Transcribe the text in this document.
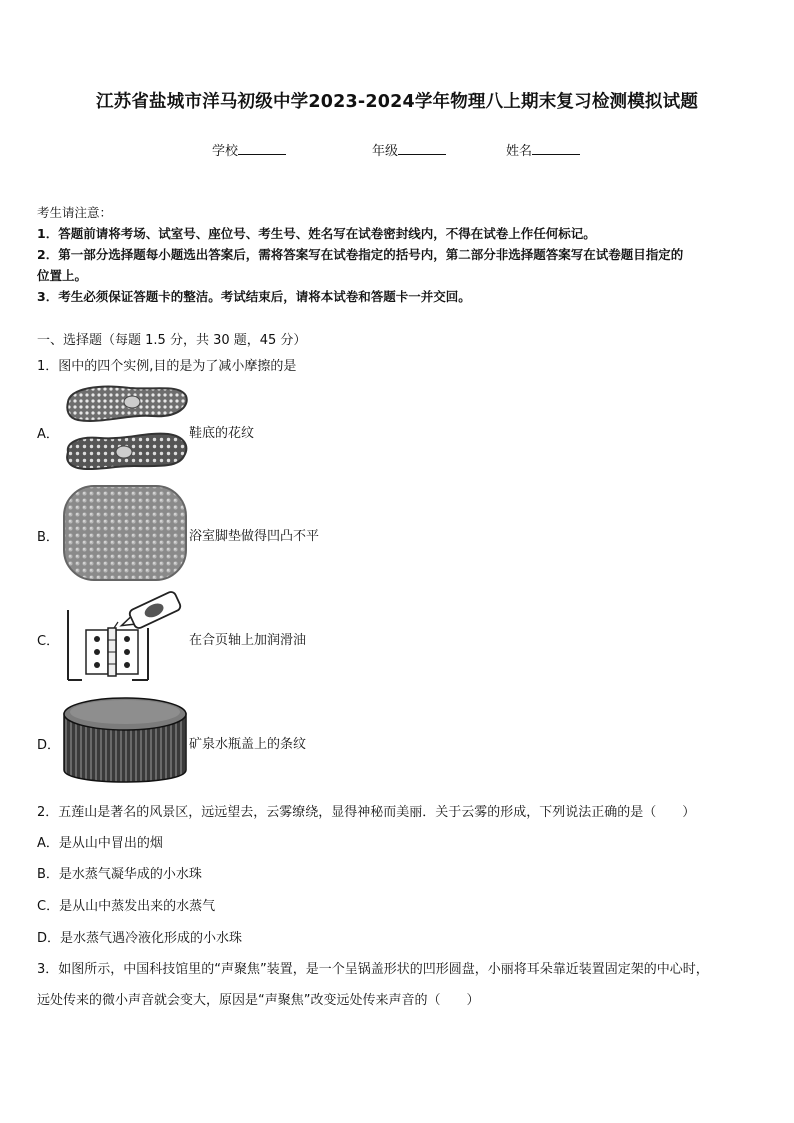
江苏省盐城市洋马初级中学2023-2024学年物理八上期末复习检测模拟试题
学校	年级	姓名
考生请注意：
1．答题前请将考场、试室号、座位号、考生号、姓名写在试卷密封线内，不得在试卷上作任何标记。
2．第一部分选择题每小题选出答案后，需将答案写在试卷指定的括号内，第二部分非选择题答案写在试卷题目指定的
位置上。
3．考生必须保证答题卡的整洁。考试结束后，请将本试卷和答题卡一并交回。
一、选择题（每题 1.5 分，共 30 题，45 分）
1．图中的四个实例,目的是为了减小摩擦的是
A．	鞋底的花纹
B．	浴室脚垫做得凹凸不平
C．	在合页轴上加润滑油
D．	矿泉水瓶盖上的条纹
2．五莲山是著名的风景区，远远望去，云雾缭绕，显得神秘而美丽．关于云雾的形成，下列说法正确的是（　　）
A．是从山中冒出的烟
B．是水蒸气凝华成的小水珠
C．是从山中蒸发出来的水蒸气
D．是水蒸气遇冷液化形成的小水珠
3．如图所示，中国科技馆里的“声聚焦”装置，是一个呈锅盖形状的凹形圆盘，小丽将耳朵靠近装置固定架的中心时，
远处传来的微小声音就会变大，原因是“声聚焦”改变远处传来声音的（　　）
